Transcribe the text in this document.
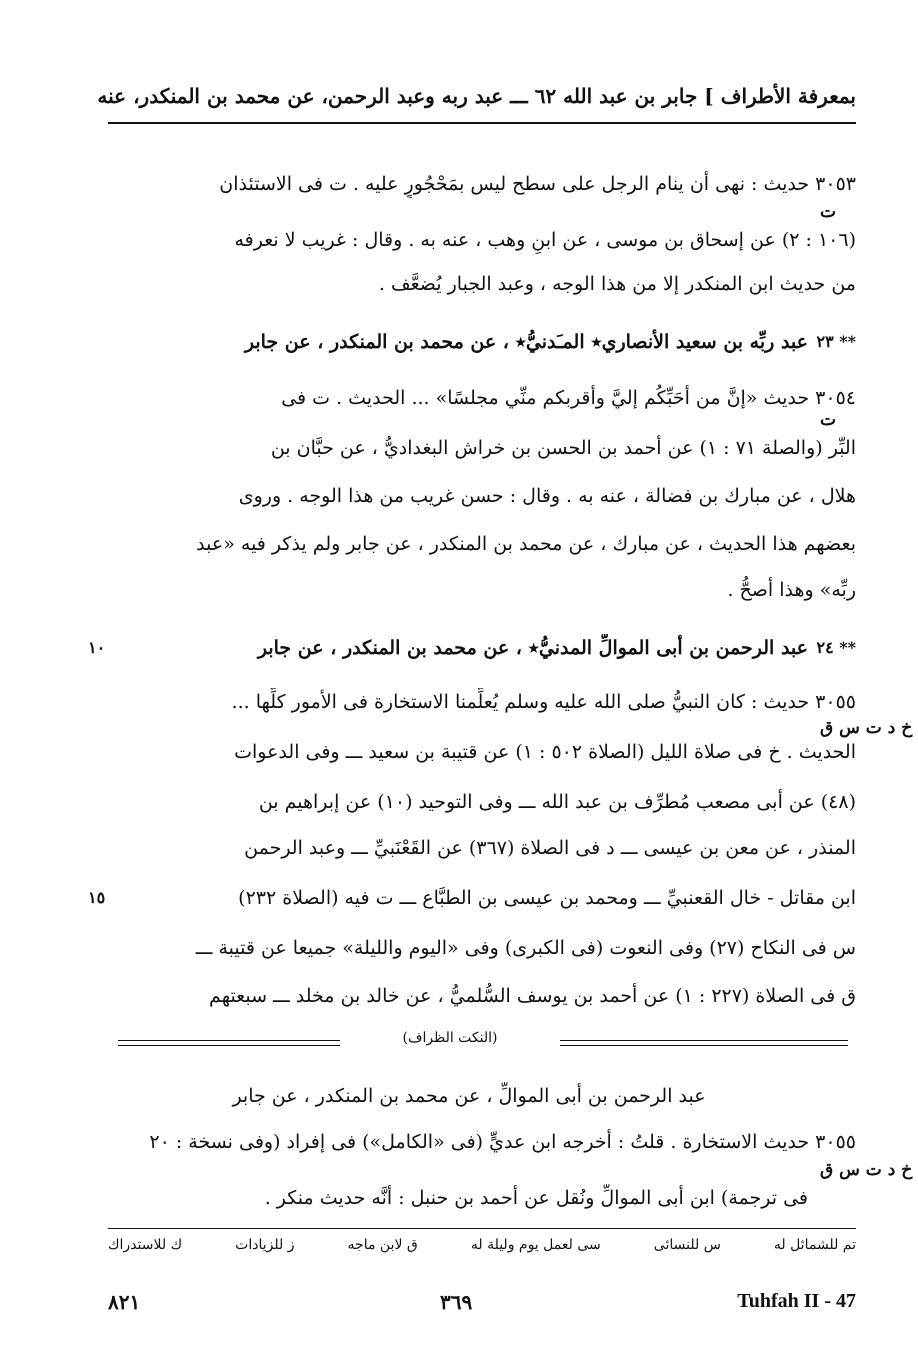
بمعرفة الأطراف ] جابر بن عبد الله ٦٢ ـــ عبد ربه وعبد الرحمن، عن محمد بن المنكدر، عنه
٣٠٥٣ حديث : نهى أن ينام الرجل على سطح ليس بمَحْجُورٍ عليه . ت فى الاستئذان
ت
(١٠٦ : ٢) عن إسحاق بن موسى ، عن ابنِ وهب ، عنه به . وقال : غريب لا نعرفه
من حديث ابن المنكدر إلا من هذا الوجه ، وعبد الجبار يُضعَّف .
٢٣ **
عبد ربِّه بن سعيد الأنصاري٭ المـَدنيُّ٭ ، عن محمد بن المنكدر ، عن جابر
٣٠٥٤ حديث «إنَّ من أحَبِّكُم إليَّ وأقربكم منِّي مجلسًا» ... الحديث . ت فى
ت
البِّر (والصلة ٧١ : ١) عن أحمد بن الحسن بن خراش البغداديُّ ، عن حبَّان بن
هلال ، عن مبارك بن فضالة ، عنه به . وقال : حسن غريب من هذا الوجه . وروى
بعضهم هذا الحديث ، عن مبارك ، عن محمد بن المنكدر ، عن جابر ولم يذكر فيه «عبد
ربِّه» وهذا أصحُّ .
٢٤ **
عبد الرحمن بن أبى الموالِّ المدنيُّ٭ ، عن محمد بن المنكدر ، عن جابر
١٠
٣٠٥٥ حديث : كان النبيُّ صلى الله عليه وسلم يُعلِّمنا الاستخارة فى الأمور كلِّها ...
خ د ت س ق
الحديث . خ فى صلاة الليل (الصلاة ٥٠٢ : ١) عن قتيبة بن سعيد ـــ وفى الدعوات
(٤٨) عن أبى مصعب مُطرِّف بن عبد الله ـــ وفى التوحيد (١٠) عن إبراهيم بن
المنذر ، عن معن بن عيسى ـــ د فى الصلاة (٣٦٧) عن القَعْنَبيِّ ـــ وعبد الرحمن
ابن مقاتل - خال القعنبيِّ ـــ ومحمد بن عيسى بن الطبَّاع ـــ ت فيه (الصلاة ٢٣٢)
١٥
س فى النكاح (٢٧) وفى النعوت (فى الكبرى) وفى «اليوم والليلة» جميعا عن قتيبة ـــ
ق فى الصلاة (٢٢٧ : ١) عن أحمد بن يوسف السُّلميُّ ، عن خالد بن مخلد ـــ سبعتهم
(النكت الظراف)
عبد الرحمن بن أبى الموالِّ ، عن محمد بن المنكدر ، عن جابر
٣٠٥٥ حديث الاستخارة . قلتُ : أخرجه ابن عديٍّ (فى «الكامل») فى إفراد (وفى نسخة : ٢٠
خ د ت س ق
فى ترجمة) ابن أبى الموالِّ ونُقل عن أحمد بن حنبل : أنَّه حديث منكر .
تم للشمائل له
س للنسائى
سى لعمل يوم وليلة له
ق لابن ماجه
ز للزيادات
ك للاستدراك
٨٢١	٣٦٩	Tuhfah II - 47
